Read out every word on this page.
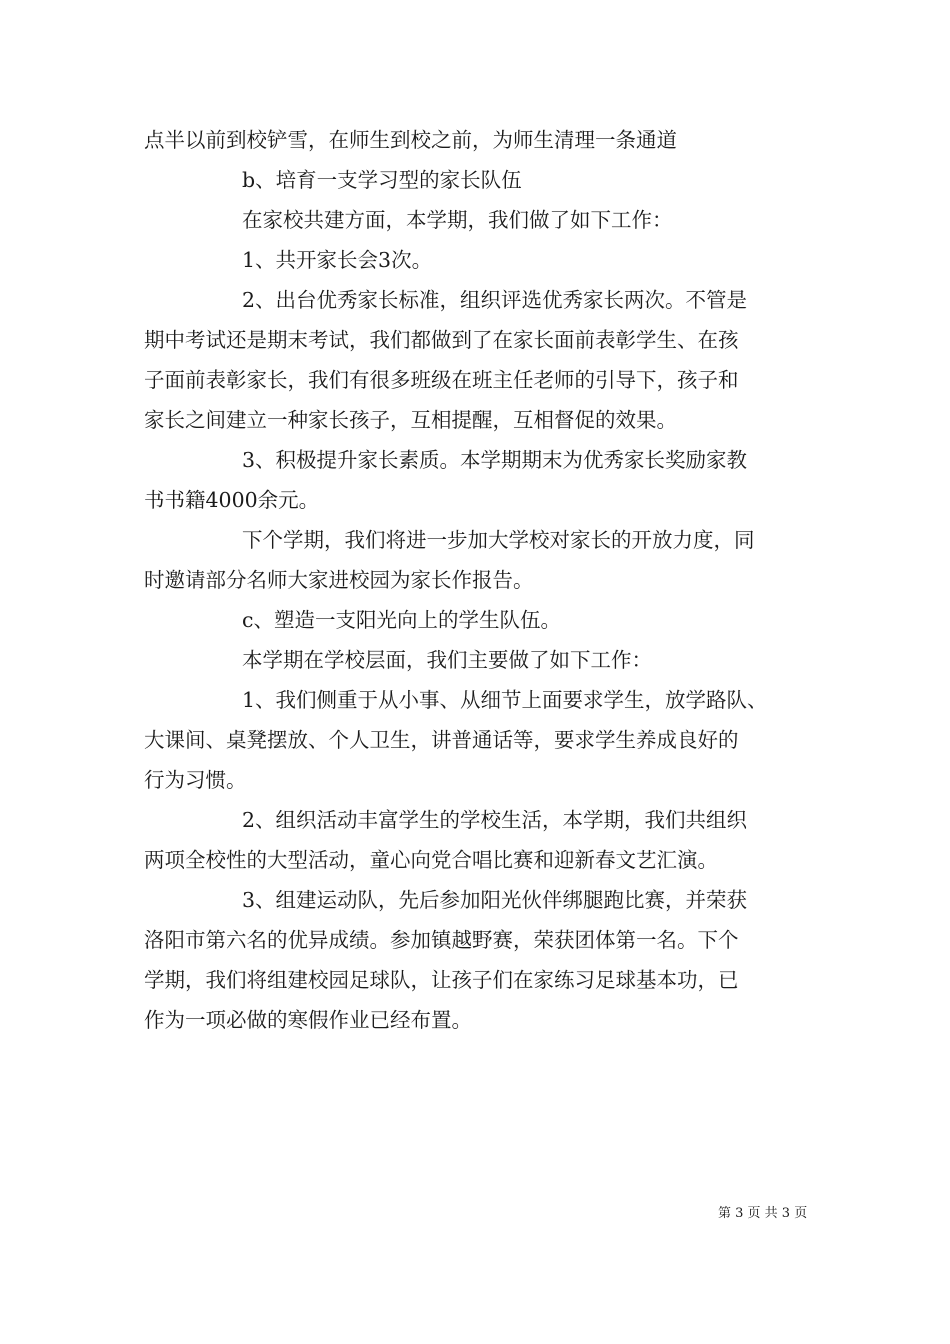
点半以前到校铲雪，在师生到校之前，为师生清理一条通道
b、培育一支学习型的家长队伍
在家校共建方面，本学期，我们做了如下工作：
1、共开家长会3次。
2、出台优秀家长标准，组织评选优秀家长两次。不管是
期中考试还是期末考试，我们都做到了在家长面前表彰学生、在孩
子面前表彰家长，我们有很多班级在班主任老师的引导下，孩子和
家长之间建立一种家长孩子，互相提醒，互相督促的效果。
3、积极提升家长素质。本学期期末为优秀家长奖励家教
书书籍4000余元。
下个学期，我们将进一步加大学校对家长的开放力度，同
时邀请部分名师大家进校园为家长作报告。
c、塑造一支阳光向上的学生队伍。
本学期在学校层面，我们主要做了如下工作：
1、我们侧重于从小事、从细节上面要求学生，放学路队、
大课间、桌凳摆放、个人卫生，讲普通话等，要求学生养成良好的
行为习惯。
2、组织活动丰富学生的学校生活，本学期，我们共组织
两项全校性的大型活动，童心向党合唱比赛和迎新春文艺汇演。
3、组建运动队，先后参加阳光伙伴绑腿跑比赛，并荣获
洛阳市第六名的优异成绩。参加镇越野赛，荣获团体第一名。下个
学期，我们将组建校园足球队，让孩子们在家练习足球基本功，已
作为一项必做的寒假作业已经布置。
第 3 页 共 3 页
